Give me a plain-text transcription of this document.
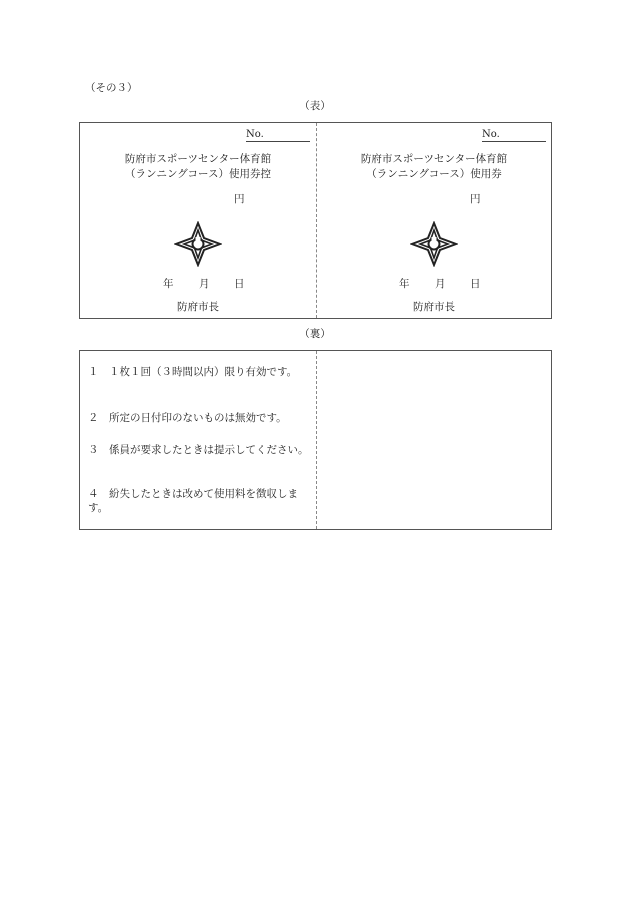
（その３）
（表）
No.
防府市スポーツセンター体育館
（ランニングコース）使用券控
円
年 月 日
防府市長
No.
防府市スポーツセンター体育館
（ランニングコース）使用券
円
年 月 日
防府市長
（裏）
１　１枚１回（３時間以内）限り有効です。
２　所定の日付印のないものは無効です。
３　係員が要求したときは提示してください。
４　紛失したときは改めて使用料を徴収します。
